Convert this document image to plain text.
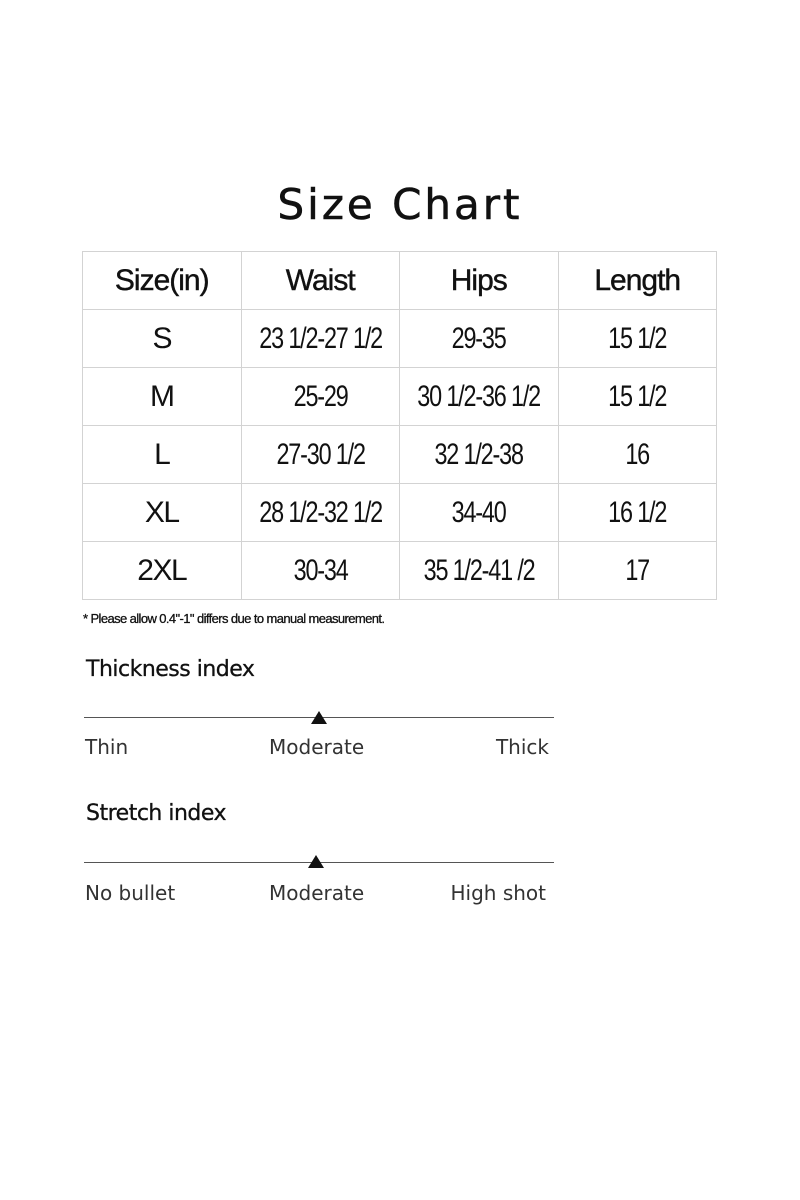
Size Chart
Size(in)	Waist	Hips	Length
S	23 1/2-27 1/2	29-35	15 1/2
M	25-29	30 1/2-36 1/2	15 1/2
L	27-30 1/2	32 1/2-38	16
XL	28 1/2-32 1/2	34-40	16 1/2
2XL	30-34	35 1/2-41 /2	17
* Please allow 0.4"-1" differs due to manual measurement.
Thickness index
Thin	Moderate	Thick
Stretch index
No bullet	Moderate	High shot
